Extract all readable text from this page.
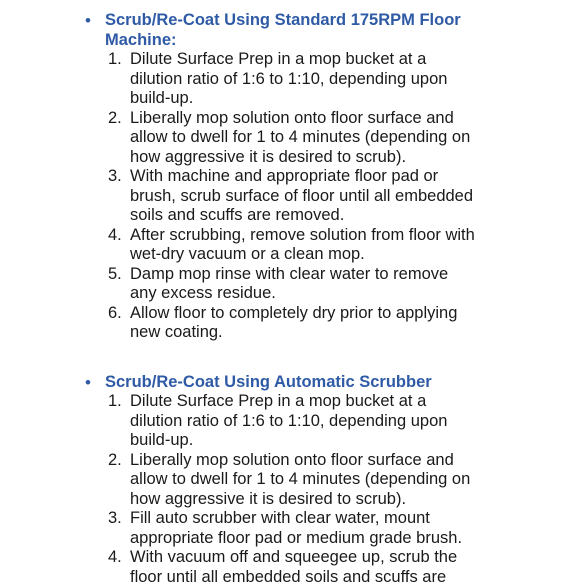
• Scrub/Re-Coat Using Standard 175RPM Floor Machine:
1. Dilute Surface Prep in a mop bucket at a dilution ratio of 1:6 to 1:10, depending upon build-up.
2. Liberally mop solution onto floor surface and allow to dwell for 1 to 4 minutes (depending on how aggressive it is desired to scrub).
3. With machine and appropriate floor pad or brush, scrub surface of floor until all embedded soils and scuffs are removed.
4. After scrubbing, remove solution from floor with wet-dry vacuum or a clean mop.
5. Damp mop rinse with clear water to remove any excess residue.
6. Allow floor to completely dry prior to applying new coating.
• Scrub/Re-Coat Using Automatic Scrubber
1. Dilute Surface Prep in a mop bucket at a dilution ratio of 1:6 to 1:10, depending upon build-up.
2. Liberally mop solution onto floor surface and allow to dwell for 1 to 4 minutes (depending on how aggressive it is desired to scrub).
3. Fill auto scrubber with clear water, mount appropriate floor pad or medium grade brush.
4. With vacuum off and squeegee up, scrub the floor until all embedded soils and scuffs are
